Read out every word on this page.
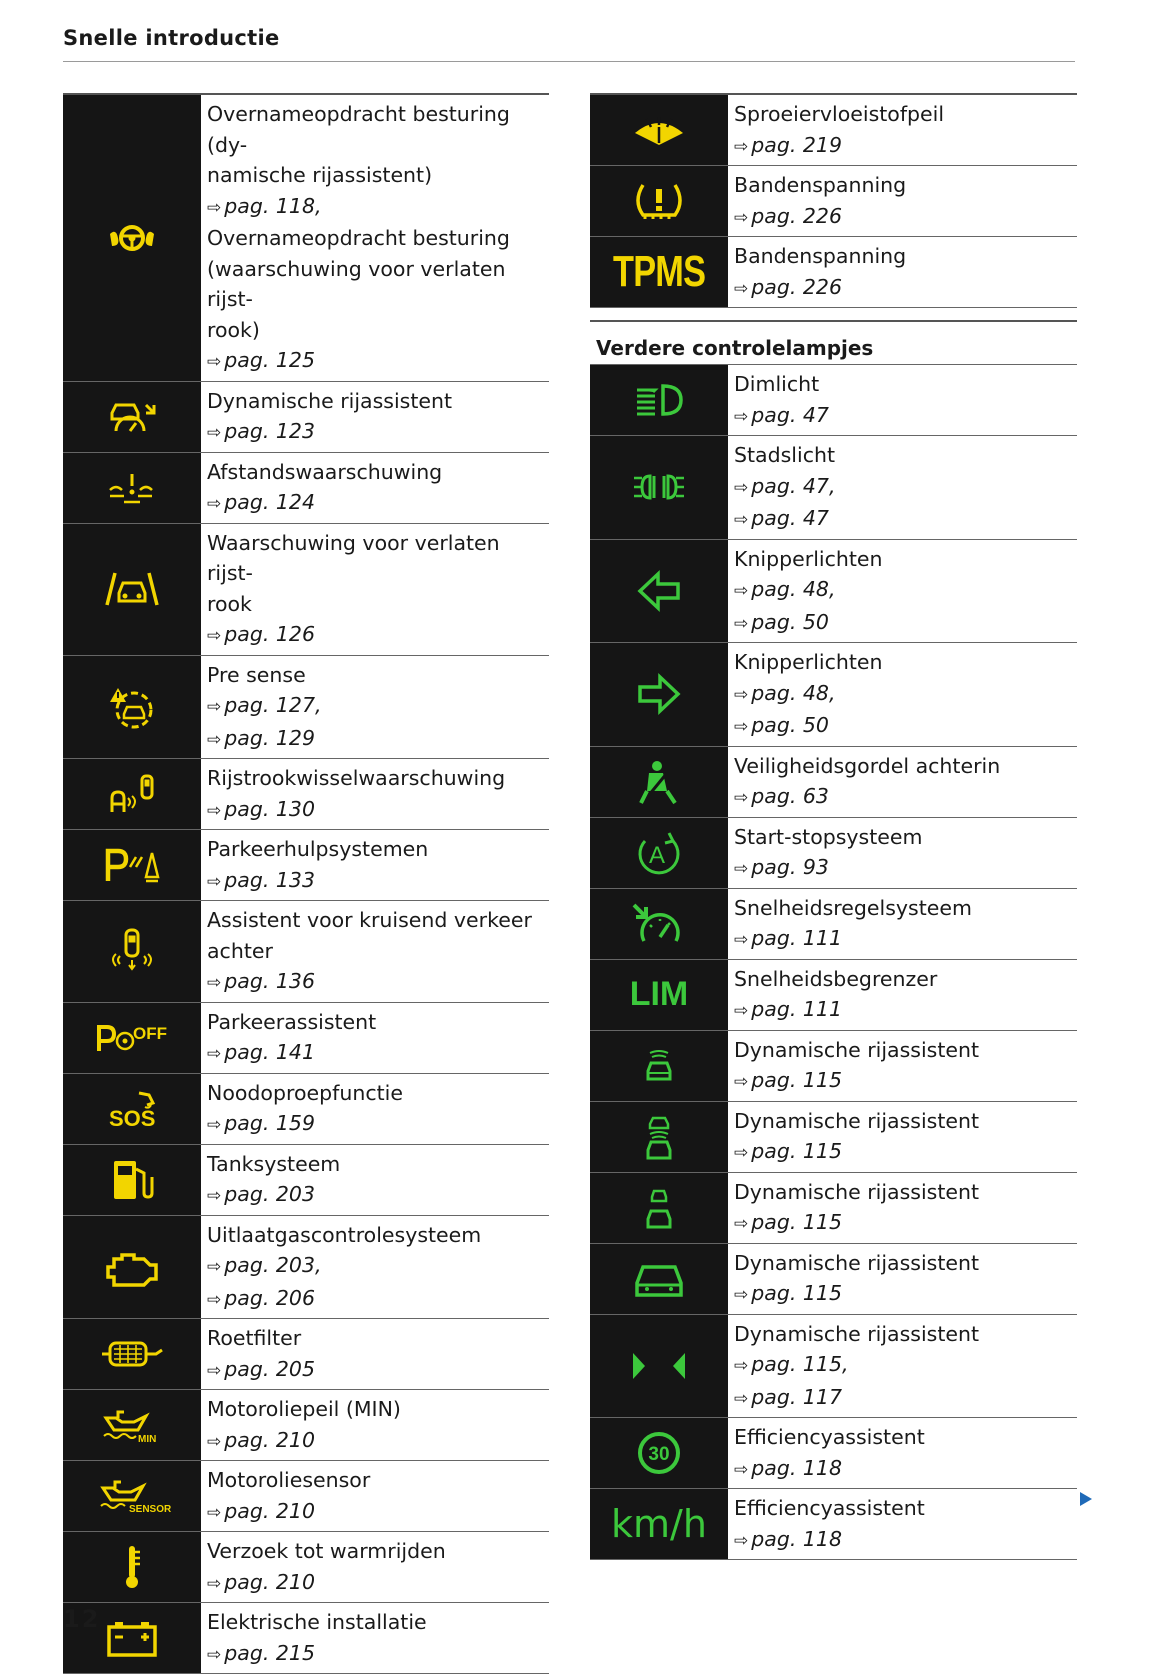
Snelle introductie
Overnameopdracht besturing (dy-
namische rijassistent)
⇨ pag. 118,
Overnameopdracht besturing
(waarschuwing voor verlaten rijst-
rook)
⇨ pag. 125
Dynamische rijassistent
⇨ pag. 123
Afstandswaarschuwing
⇨ pag. 124
Waarschuwing voor verlaten rijst-
rook
⇨ pag. 126
Pre sense
⇨ pag. 127,
⇨ pag. 129
Rijstrookwisselwaarschuwing
⇨ pag. 130
Parkeerhulpsystemen
⇨ pag. 133
Assistent voor kruisend verkeer
achter
⇨ pag. 136
OFF Parkeerassistent
⇨ pag. 141
SOS
Noodoproepfunctie
⇨ pag. 159
Tanksysteem
⇨ pag. 203
Uitlaatgascontrolesysteem
⇨ pag. 203,
⇨ pag. 206
Roetfilter
⇨ pag. 205
MIN
Motoroliepeil (MIN)
⇨ pag. 210
SENSOR
Motoroliesensor
⇨ pag. 210
Verzoek tot warmrijden
⇨ pag. 210
Elektrische installatie
⇨ pag. 215
Sproeiervloeistofpeil
⇨ pag. 219
Bandenspanning
⇨ pag. 226
TPMS Bandenspanning
⇨ pag. 226
Verdere controlelampjes
Dimlicht
⇨ pag. 47
Stadslicht
⇨ pag. 47,
⇨ pag. 47
Knipperlichten
⇨ pag. 48,
⇨ pag. 50
Knipperlichten
⇨ pag. 48,
⇨ pag. 50
Veiligheidsgordel achterin
⇨ pag. 63
A
Start-stopsysteem
⇨ pag. 93
Snelheidsregelsysteem
⇨ pag. 111
LIM Snelheidsbegrenzer
⇨ pag. 111
Dynamische rijassistent
⇨ pag. 115
Dynamische rijassistent
⇨ pag. 115
Dynamische rijassistent
⇨ pag. 115
Dynamische rijassistent
⇨ pag. 115
Dynamische rijassistent
⇨ pag. 115,
⇨ pag. 117
30
Efficiencyassistent
⇨ pag. 118
km/h Efficiencyassistent
⇨ pag. 118
12
